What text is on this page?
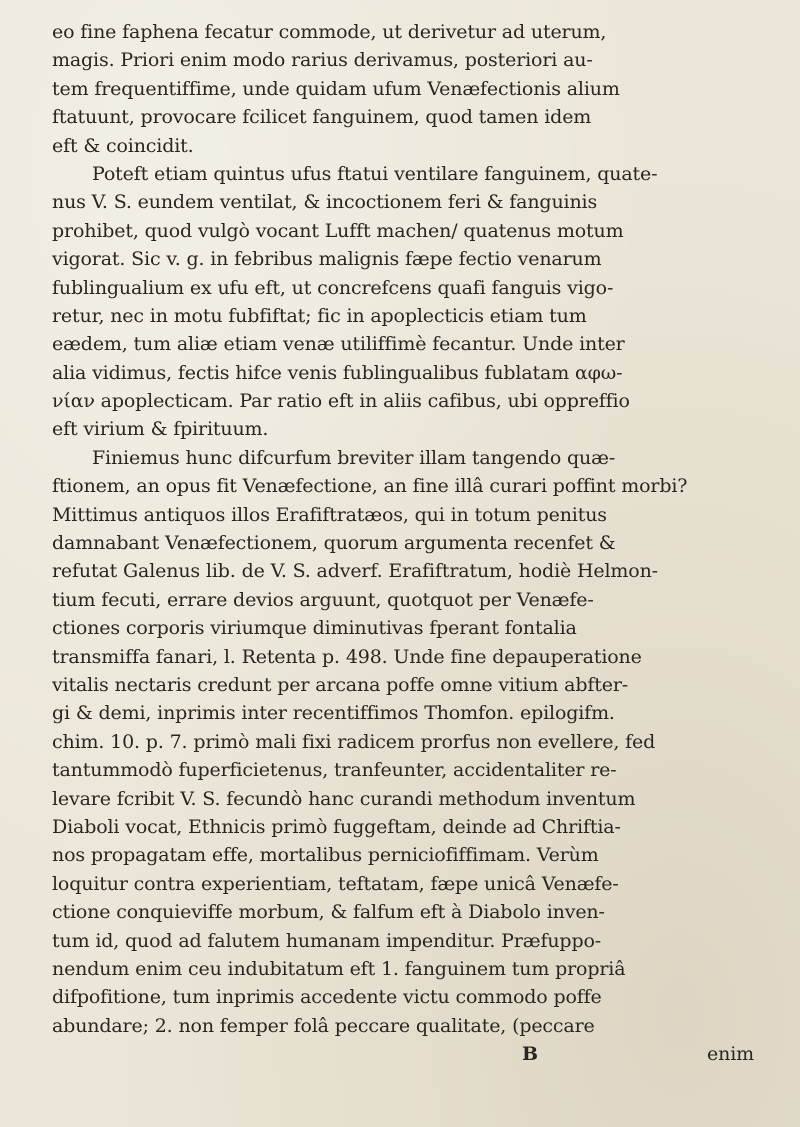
eo fine faphena fecatur commode, ut derivetur ad uterum,
magis. Priori enim modo rarius derivamus, posteriori au-
tem frequentiffime, unde quidam ufum Venæfectionis alium
ftatuunt, provocare fcilicet fanguinem, quod tamen idem
eft & coincidit.
Poteft etiam quintus ufus ftatui ventilare fanguinem, quate-
nus V. S. eundem ventilat, & incoctionem feri & fanguinis
prohibet, quod vulgò vocant Lufft machen/ quatenus motum
vigorat. Sic v. g. in febribus malignis fæpe fectio venarum
fublingualium ex ufu eft, ut concrefcens quafi fanguis vigo-
retur, nec in motu fubfiftat; fic in apoplecticis etiam tum
eædem, tum aliæ etiam venæ utiliffimè fecantur. Unde inter
alia vidimus, fectis hifce venis fublingualibus fublatam αφω-
νίαν apoplecticam. Par ratio eft in aliis cafibus, ubi oppreffio
eft virium & fpirituum.
Finiemus hunc difcurfum breviter illam tangendo quæ-
ftionem, an opus fit Venæfectione, an fine illâ curari poffint morbi?
Mittimus antiquos illos Erafiftratæos, qui in totum penitus
damnabant Venæfectionem, quorum argumenta recenfet &
refutat Galenus lib. de V. S. adverf. Erafiftratum, hodiè Helmon-
tium fecuti, errare devios arguunt, quotquot per Venæfe-
ctiones corporis viriumque diminutivas fperant fontalia
transmiffa fanari, l. Retenta p. 498. Unde fine depauperatione
vitalis nectaris credunt per arcana poffe omne vitium abfter-
gi & demi, inprimis inter recentiffimos Thomfon. epilogifm.
chim. 10. p. 7. primò mali fixi radicem prorfus non evellere, fed
tantummodò fuperficietenus, tranfeunter, accidentaliter re-
levare fcribit V. S. fecundò hanc curandi methodum inventum
Diaboli vocat, Ethnicis primò fuggeftam, deinde ad Chriftia-
nos propagatam effe, mortalibus perniciofiffimam. Verùm
loquitur contra experientiam, teftatam, fæpe unicâ Venæfe-
ctione conquieviffe morbum, & falfum eft à Diabolo inven-
tum id, quod ad falutem humanam impenditur. Præfuppo-
nendum enim ceu indubitatum eft 1. fanguinem tum propriâ
difpofitione, tum inprimis accedente victu commodo poffe
abundare; 2. non femper folâ peccare qualitate, (peccare
B	enim
